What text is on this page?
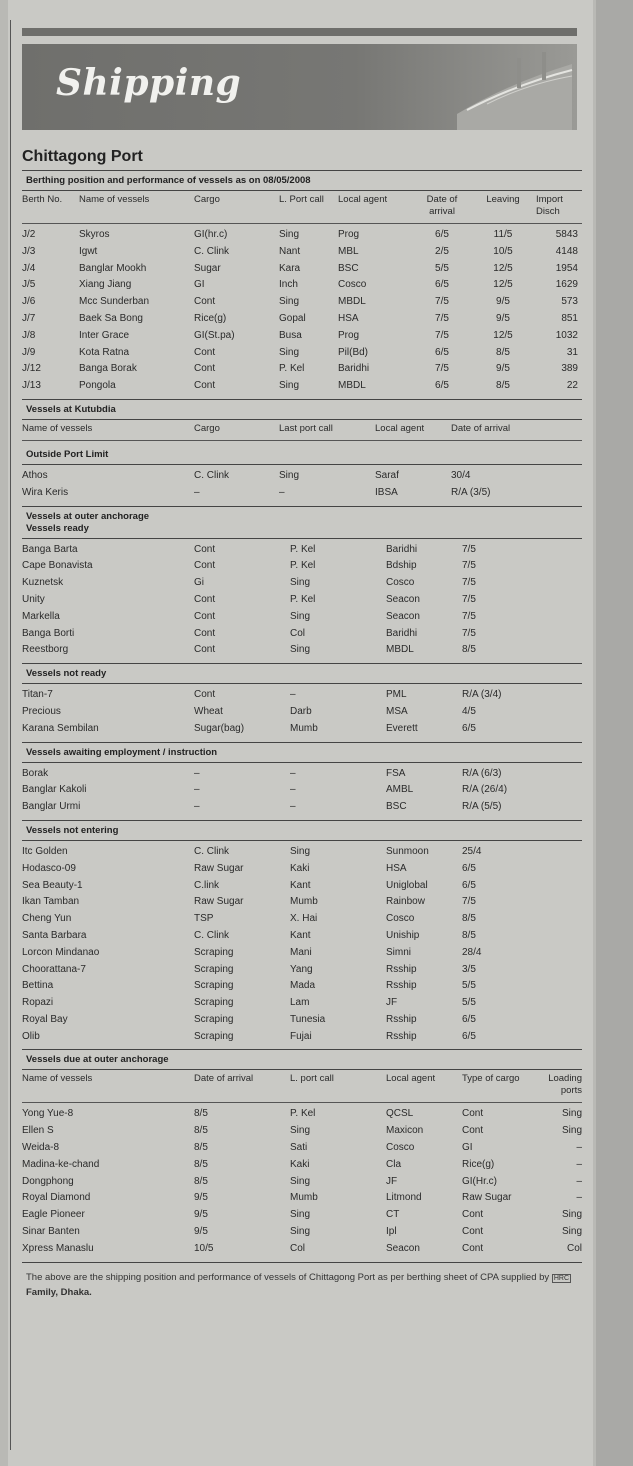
Shipping
Chittagong Port
Berthing position and performance of vessels as on 08/05/2008
Berth No.	Name of vessels	Cargo	L. Port call	Local agent	Date of arrival	Leaving	Import Disch
J/2	Skyros	GI(hr.c)	Sing	Prog	6/5	11/5	5843
J/3	Igwt	C. Clink	Nant	MBL	2/5	10/5	4148
J/4	Banglar Mookh	Sugar	Kara	BSC	5/5	12/5	1954
J/5	Xiang Jiang	GI	Inch	Cosco	6/5	12/5	1629
J/6	Mcc Sunderban	Cont	Sing	MBDL	7/5	9/5	573
J/7	Baek Sa Bong	Rice(g)	Gopal	HSA	7/5	9/5	851
J/8	Inter Grace	GI(St.pa)	Busa	Prog	7/5	12/5	1032
J/9	Kota Ratna	Cont	Sing	Pil(Bd)	6/5	8/5	31
J/12	Banga Borak	Cont	P. Kel	Baridhi	7/5	9/5	389
J/13	Pongola	Cont	Sing	MBDL	6/5	8/5	22
Vessels at Kutubdia
Name of vessels	Cargo	Last port call	Local agent	Date of arrival
Outside Port Limit
Athos	C. Clink	Sing	Saraf	30/4
Wira Keris	–	–	IBSA	R/A (3/5)
Vessels at outer anchorage
Vessels ready
Banga Barta	Cont	P. Kel	Baridhi	7/5
Cape Bonavista	Cont	P. Kel	Bdship	7/5
Kuznetsk	Gi	Sing	Cosco	7/5
Unity	Cont	P. Kel	Seacon	7/5
Markella	Cont	Sing	Seacon	7/5
Banga Borti	Cont	Col	Baridhi	7/5
Reestborg	Cont	Sing	MBDL	8/5
Vessels not ready
Titan-7	Cont	–	PML	R/A (3/4)
Precious	Wheat	Darb	MSA	4/5
Karana Sembilan	Sugar(bag)	Mumb	Everett	6/5
Vessels awaiting employment / instruction
Borak	–	–	FSA	R/A (6/3)
Banglar Kakoli	–	–	AMBL	R/A (26/4)
Banglar Urmi	–	–	BSC	R/A (5/5)
Vessels not entering
Itc Golden	C. Clink	Sing	Sunmoon	25/4
Hodasco-09	Raw Sugar	Kaki	HSA	6/5
Sea Beauty-1	C.link	Kant	Uniglobal	6/5
Ikan Tamban	Raw Sugar	Mumb	Rainbow	7/5
Cheng Yun	TSP	X. Hai	Cosco	8/5
Santa Barbara	C. Clink	Kant	Uniship	8/5
Lorcon Mindanao	Scraping	Mani	Simni	28/4
Choorattana-7	Scraping	Yang	Rsship	3/5
Bettina	Scraping	Mada	Rsship	5/5
Ropazi	Scraping	Lam	JF	5/5
Royal Bay	Scraping	Tunesia	Rsship	6/5
Olib	Scraping	Fujai	Rsship	6/5
Vessels due at outer anchorage
Name of vessels	Date of arrival	L. port call	Local agent	Type of cargo	Loading ports
Yong Yue-8	8/5	P. Kel	QCSL	Cont	Sing
Ellen S	8/5	Sing	Maxicon	Cont	Sing
Weida-8	8/5	Sati	Cosco	GI	–
Madina-ke-chand	8/5	Kaki	Cla	Rice(g)	–
Dongphong	8/5	Sing	JF	GI(Hr.c)	–
Royal Diamond	9/5	Mumb	Litmond	Raw Sugar	–
Eagle Pioneer	9/5	Sing	CT	Cont	Sing
Sinar Banten	9/5	Sing	Ipl	Cont	Sing
Xpress Manaslu	10/5	Col	Seacon	Cont	Col
The above are the shipping position and performance of vessels of Chittagong Port as per berthing sheet of CPA supplied by HRC Family, Dhaka.
